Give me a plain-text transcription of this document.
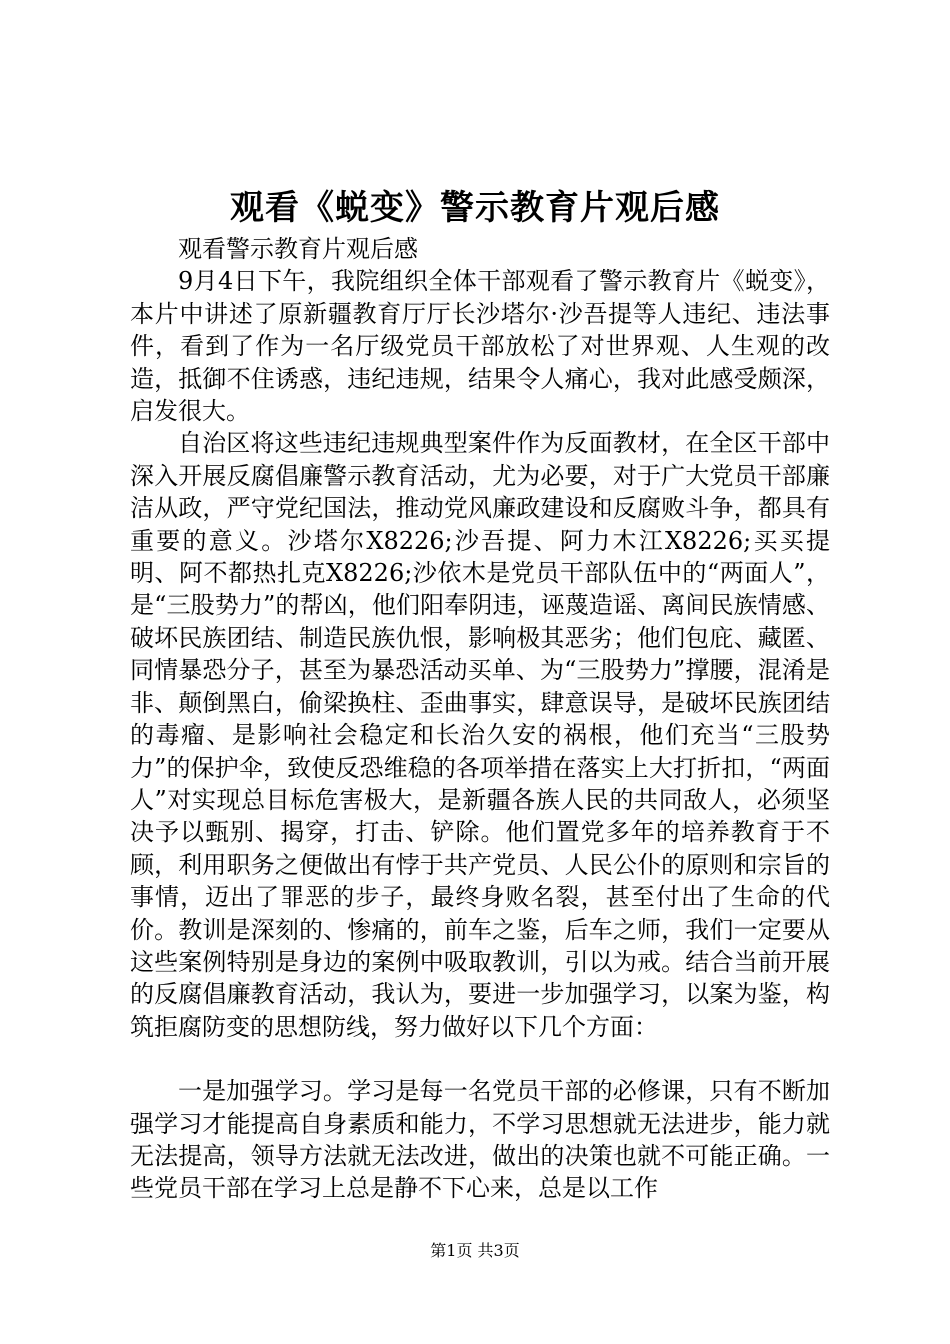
观看《蜕变》警示教育片观后感

观看警示教育片观后感

9月4日下午，我院组织全体干部观看了警示教育片《蜕变》，本片中讲述了原新疆教育厅厅长沙塔尔·沙吾提等人违纪、违法事件，看到了作为一名厅级党员干部放松了对世界观、人生观的改造，抵御不住诱惑，违纪违规，结果令人痛心，我对此感受颇深，启发很大。

自治区将这些违纪违规典型案件作为反面教材，在全区干部中深入开展反腐倡廉警示教育活动，尤为必要，对于广大党员干部廉洁从政，严守党纪国法，推动党风廉政建设和反腐败斗争，都具有重要的意义。沙塔尔X8226;沙吾提、阿力木江X8226;买买提明、阿不都热扎克X8226;沙依木是党员干部队伍中的“两面人”，是“三股势力”的帮凶，他们阳奉阴违，诬蔑造谣、离间民族情感、破坏民族团结、制造民族仇恨，影响极其恶劣；他们包庇、藏匿、同情暴恐分子，甚至为暴恐活动买单、为“三股势力”撑腰，混淆是非、颠倒黑白，偷梁换柱、歪曲事实，肆意误导，是破坏民族团结的毒瘤、是影响社会稳定和长治久安的祸根，他们充当“三股势力”的保护伞，致使反恐维稳的各项举措在落实上大打折扣，“两面人”对实现总目标危害极大，是新疆各族人民的共同敌人，必须坚决予以甄别、揭穿，打击、铲除。他们置党多年的培养教育于不顾，利用职务之便做出有悖于共产党员、人民公仆的原则和宗旨的事情，迈出了罪恶的步子，最终身败名裂，甚至付出了生命的代价。教训是深刻的、惨痛的，前车之鉴，后车之师，我们一定要从这些案例特别是身边的案例中吸取教训，引以为戒。结合当前开展的反腐倡廉教育活动，我认为，要进一步加强学习，以案为鉴，构筑拒腐防变的思想防线，努力做好以下几个方面：

一是加强学习。学习是每一名党员干部的必修课，只有不断加强学习才能提高自身素质和能力，不学习思想就无法进步，能力就无法提高，领导方法就无法改进，做出的决策也就不可能正确。一些党员干部在学习上总是静不下心来，总是以工作

第1页 共3页
